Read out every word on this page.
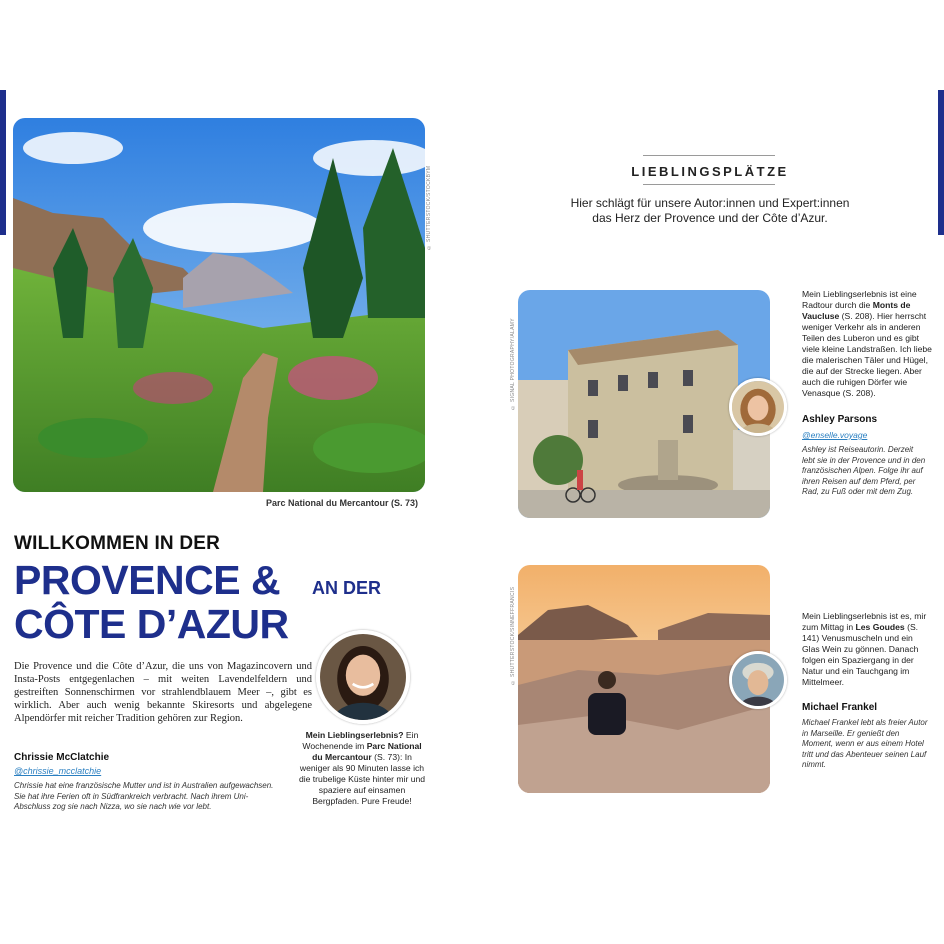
© SHUTTERSTOCK/STOCKBYM
Parc National du Mercantour (S. 73)
WILLKOMMEN IN DER
PROVENCE & AN DER
CÔTE D’AZUR
Die Provence und die Côte d’Azur, die uns von Magazincovern und Insta-Posts entgegenlachen – mit weiten Lavendelfeldern und gestreiften Sonnenschirmen vor strahlendblauem Meer –, gibt es wirklich. Aber auch wenig bekannte Skiresorts und abgelegene Alpendörfer mit reicher Tradition gehören zur Region.
Chrissie McClatchie
@chrissie_mcclatchie
Chrissie hat eine französische Mutter und ist in Australien aufgewachsen. Sie hat ihre Ferien oft in Südfrankreich verbracht. Nach ihrem Uni-Abschluss zog sie nach Nizza, wo sie nach wie vor lebt.
Mein Lieblingserlebnis? Ein Wochenende im Parc National du Mercantour (S. 73): In weniger als 90 Minuten lasse ich die trubelige Küste hinter mir und spaziere auf einsamen Bergpfaden. Pure Freude!
LIEBLINGSPLÄTZE
Hier schlägt für unsere Autor:innen und Expert:innen
das Herz der Provence und der Côte d’Azur.
© SIGNAL PHOTOGRAPHY/ALAMY
Mein Lieblingserlebnis ist eine Radtour durch die Monts de Vaucluse (S. 208). Hier herrscht weniger Verkehr als in anderen Teilen des Luberon und es gibt viele kleine Landstraßen. Ich liebe die malerischen Täler und Hügel, die auf der Strecke liegen. Aber auch die ruhigen Dörfer wie Venasque (S. 208).
Ashley Parsons
@enselle.voyage
Ashley ist Reiseautorin. Derzeit lebt sie in der Provence und in den französischen Alpen. Folge ihr auf ihren Reisen auf dem Pferd, per Rad, zu Fuß oder mit dem Zug.
© SHUTTERSTOCK/SINNEFFRANCIS	Mein Lieblingserlebnis ist es, mir zum Mittag in Les Goudes (S. 141) Venusmuscheln und ein Glas Wein zu gönnen. Danach folgen ein Spaziergang in der Natur und ein Tauchgang im Mittelmeer.
Michael Frankel
Michael Frankel lebt als freier Autor in Marseille. Er genießt den Moment, wenn er aus einem Hotel tritt und das Abenteuer seinen Lauf nimmt.
